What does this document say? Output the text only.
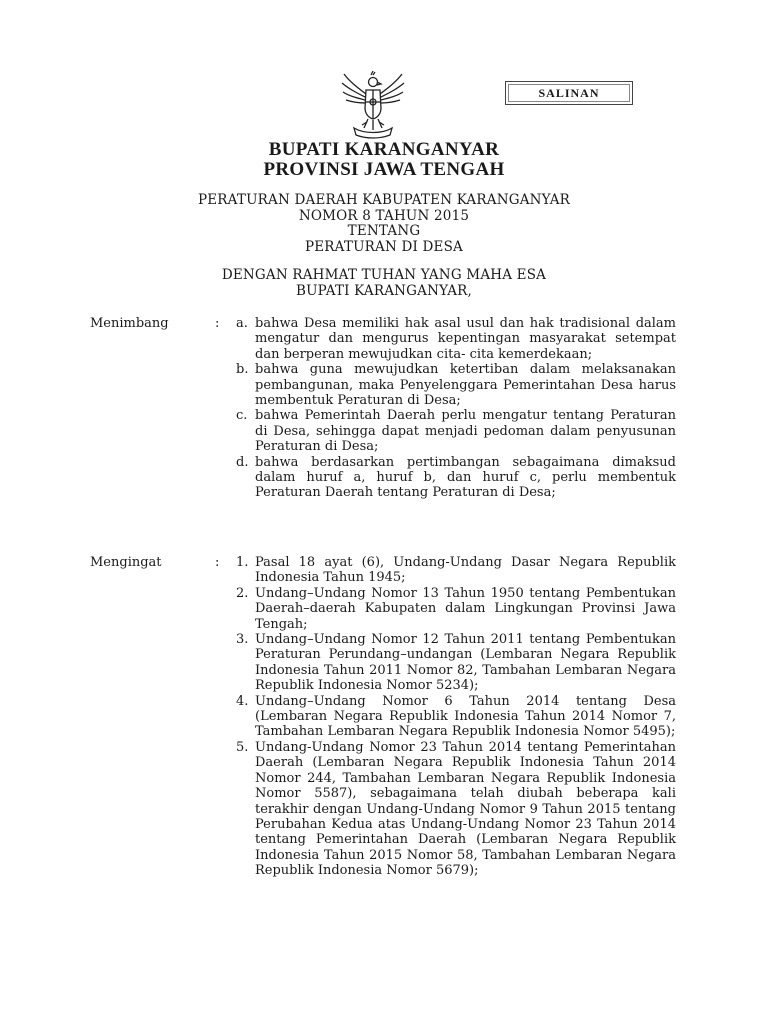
SALINAN
BUPATI KARANGANYAR
PROVINSI JAWA TENGAH
PERATURAN DAERAH KABUPATEN KARANGANYAR
NOMOR 8 TAHUN 2015
TENTANG
PERATURAN DI DESA
DENGAN RAHMAT TUHAN YANG MAHA ESA
BUPATI KARANGANYAR,
Menimbang	: a. bahwa Desa memiliki hak asal usul dan hak tradisional dalam mengatur dan mengurus kepentingan masyarakat setempat dan berperan mewujudkan cita- cita kemerdekaan;
b. bahwa guna mewujudkan ketertiban dalam melaksanakan pembangunan, maka Penyelenggara Pemerintahan Desa harus membentuk Peraturan di Desa;
c. bahwa Pemerintah Daerah perlu mengatur tentang Peraturan di Desa, sehingga dapat menjadi pedoman dalam penyusunan Peraturan di Desa;
d. bahwa berdasarkan pertimbangan sebagaimana dimaksud dalam huruf a, huruf b, dan huruf c, perlu membentuk Peraturan Daerah tentang Peraturan di Desa;
Mengingat	: 1. Pasal 18 ayat (6), Undang-Undang Dasar Negara Republik Indonesia Tahun 1945;
2. Undang–Undang Nomor 13 Tahun 1950 tentang Pembentukan Daerah–daerah Kabupaten dalam Lingkungan Provinsi Jawa Tengah;
3. Undang–Undang Nomor 12 Tahun 2011 tentang Pembentukan Peraturan Perundang–undangan (Lembaran Negara Republik Indonesia Tahun 2011 Nomor 82, Tambahan Lembaran Negara Republik Indonesia Nomor 5234);
4. Undang–Undang Nomor 6 Tahun 2014 tentang Desa (Lembaran Negara Republik Indonesia Tahun 2014 Nomor 7, Tambahan Lembaran Negara Republik Indonesia Nomor 5495);
5. Undang-Undang Nomor 23 Tahun 2014 tentang Pemerintahan Daerah (Lembaran Negara Republik Indonesia Tahun 2014 Nomor 244, Tambahan Lembaran Negara Republik Indonesia Nomor 5587), sebagaimana telah diubah beberapa kali terakhir dengan Undang-Undang Nomor 9 Tahun 2015 tentang Perubahan Kedua atas Undang-Undang Nomor 23 Tahun 2014 tentang Pemerintahan Daerah (Lembaran Negara Republik Indonesia Tahun 2015 Nomor 58, Tambahan Lembaran Negara Republik Indonesia Nomor 5679);
